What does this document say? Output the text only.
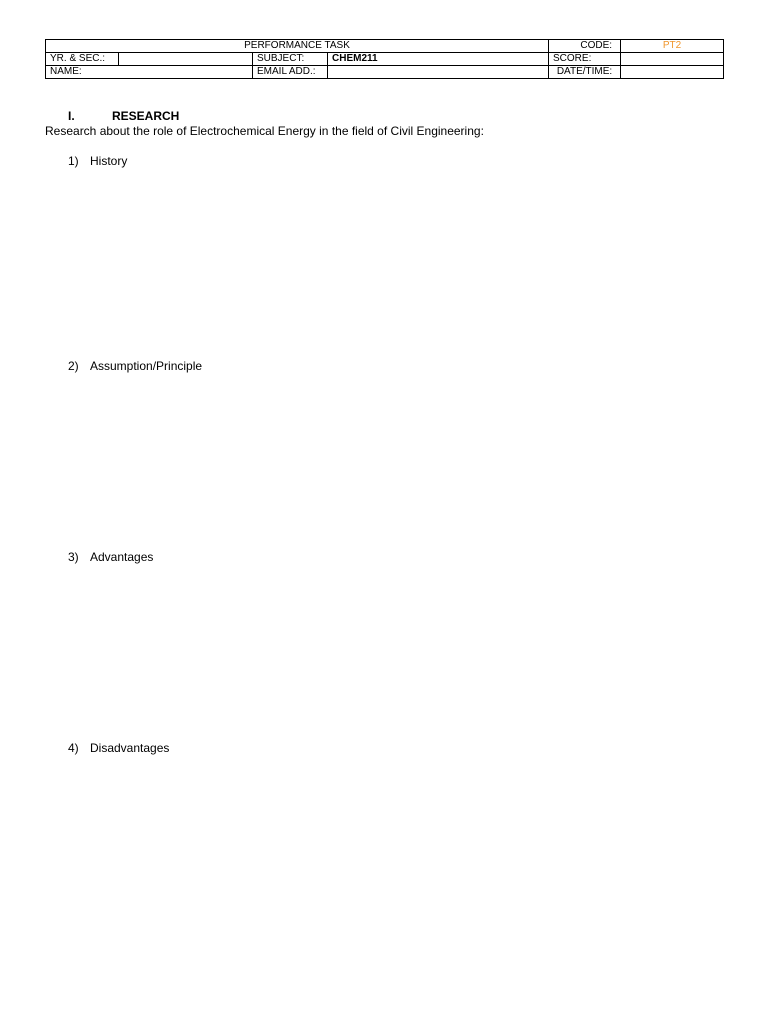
PERFORMANCE TASK				CODE:	PT2
YR. & SEC.:		SUBJECT:	CHEM211	SCORE:	
NAME:		EMAIL ADD.:		DATE/TIME:	
I.	RESEARCH
Research about the role of Electrochemical Energy in the field of Civil Engineering:
1) History
2) Assumption/Principle
3) Advantages
4) Disadvantages
